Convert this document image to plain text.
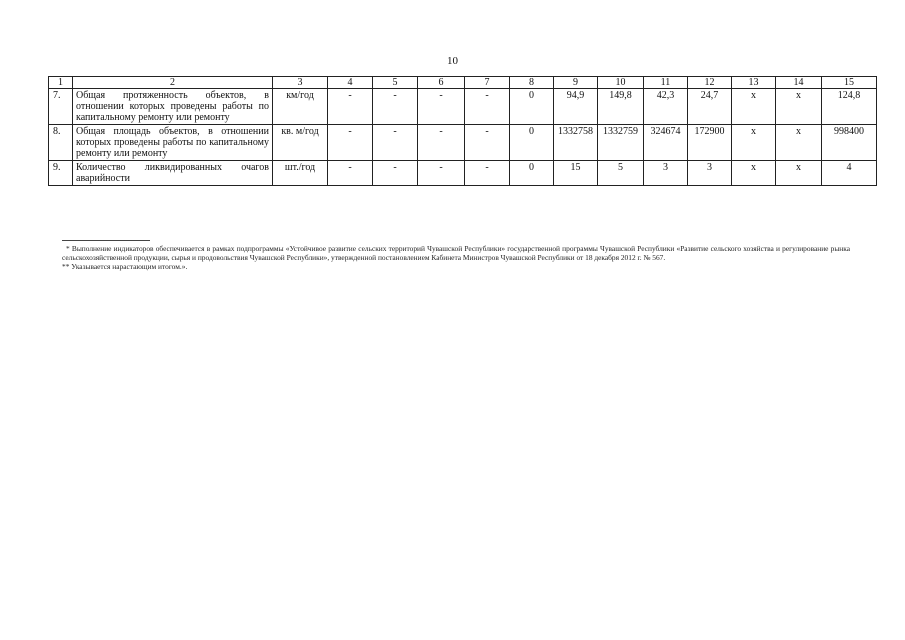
10
1	2	3	4	5	6	7	8	9	10	11	12	13	14	15
7.	Общая протяженность объектов, в отношении которых проведены работы по капитальному ремонту или ремонту	км/год	-	-	-	-	0	94,9	149,8	42,3	24,7	x	x	124,8
8.	Общая площадь объектов, в отношении которых проведены работы по капитальному ремонту или ремонту	кв. м/год	-	-	-	-	0	1332758	1332759	324674	172900	x	x	998400
9.	Количество ликвидированных очагов аварийности	шт./год	-	-	-	-	0	15	5	3	3	x	x	4

* Выполнение индикаторов обеспечивается в рамках подпрограммы «Устойчивое развитие сельских территорий Чувашской Республики» государственной программы Чувашской Республики «Развитие сельского хозяйства и регулирование рынка сельскохозяйственной продукции, сырья и продовольствия Чувашской Республики», утвержденной постановлением Кабинета Министров Чувашской Республики от 18 декабря 2012 г. № 567.

** Указывается нарастающим итогом.».
